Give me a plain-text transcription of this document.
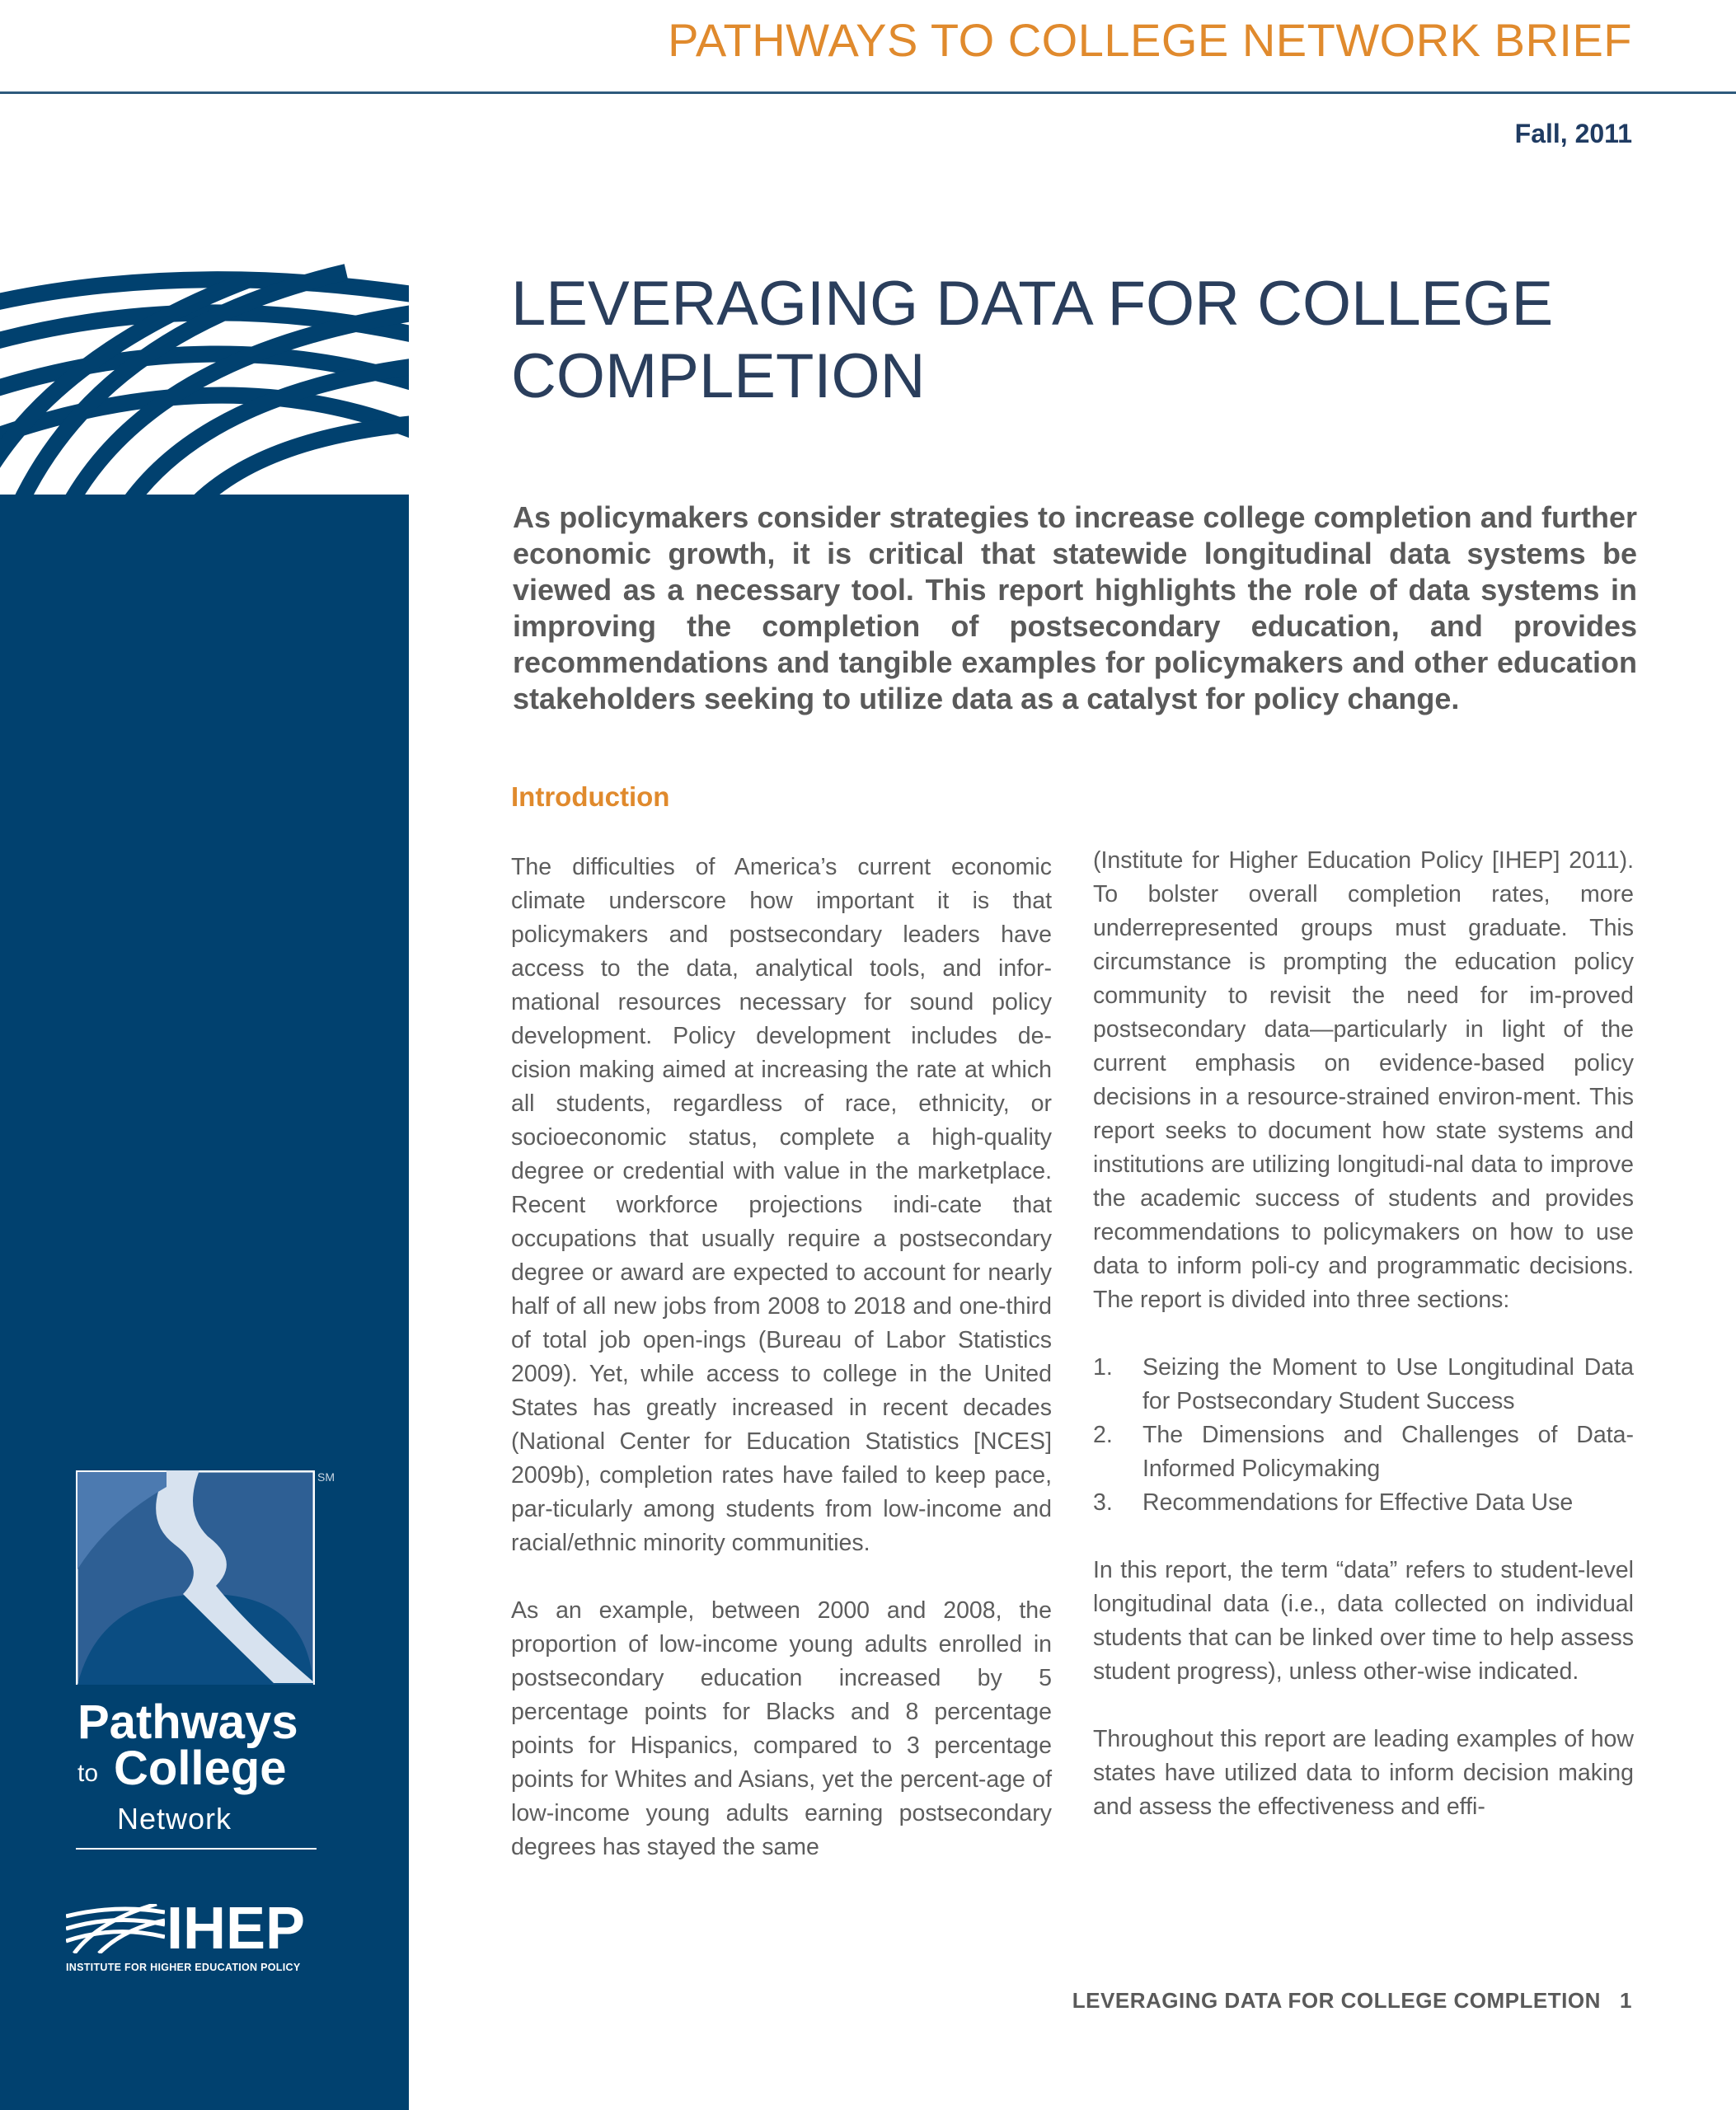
PATHWAYS TO COLLEGE NETWORK BRIEF
Fall, 2011
SM
Pathways
to College
Network
IHEP
INSTITUTE FOR HIGHER EDUCATION POLICY
LEVERAGING DATA FOR COLLEGE
COMPLETION

As policymakers consider strategies to increase college completion and further economic growth, it is critical that statewide longitudinal data systems be viewed as a necessary tool. This report highlights the role of data systems in improving the completion of postsecondary education, and provides recommendations and tangible examples for policymakers and other education stakeholders seeking to utilize data as a catalyst for policy change.

Introduction

The difficulties of America’s current economic climate underscore how important it is that policymakers and postsecondary leaders have access to the data, analytical tools, and infor-mational resources necessary for sound policy development. Policy development includes de-cision making aimed at increasing the rate at which all students, regardless of race, ethnicity, or socioeconomic status, complete a high-quality degree or credential with value in the marketplace. Recent workforce projections indi-cate that occupations that usually require a postsecondary degree or award are expected to account for nearly half of all new jobs from 2008 to 2018 and one-third of total job open-ings (Bureau of Labor Statistics 2009). Yet, while access to college in the United States has greatly increased in recent decades (National Center for Education Statistics [NCES] 2009b), completion rates have failed to keep pace, par-ticularly among students from low-income and racial/ethnic minority communities.

As an example, between 2000 and 2008, the proportion of low-income young adults enrolled in postsecondary education increased by 5 percentage points for Blacks and 8 percentage points for Hispanics, compared to 3 percentage points for Whites and Asians, yet the percent-age of low-income young adults earning postsecondary degrees has stayed the same

(Institute for Higher Education Policy [IHEP] 2011). To bolster overall completion rates, more underrepresented groups must graduate. This circumstance is prompting the education policy community to revisit the need for im-proved postsecondary data—particularly in light of the current emphasis on evidence-based policy decisions in a resource-strained environ-ment. This report seeks to document how state systems and institutions are utilizing longitudi-nal data to improve the academic success of students and provides recommendations to policymakers on how to use data to inform poli-cy and programmatic decisions. The report is divided into three sections:

1. Seizing the Moment to Use Longitudinal Data for Postsecondary Student Success
2. The Dimensions and Challenges of Data-Informed Policymaking
3. Recommendations for Effective Data Use

In this report, the term “data” refers to student-level longitudinal data (i.e., data collected on individual students that can be linked over time to help assess student progress), unless other-wise indicated.

Throughout this report are leading examples of how states have utilized data to inform decision making and assess the effectiveness and effi-

LEVERAGING DATA FOR COLLEGE COMPLETION 1
